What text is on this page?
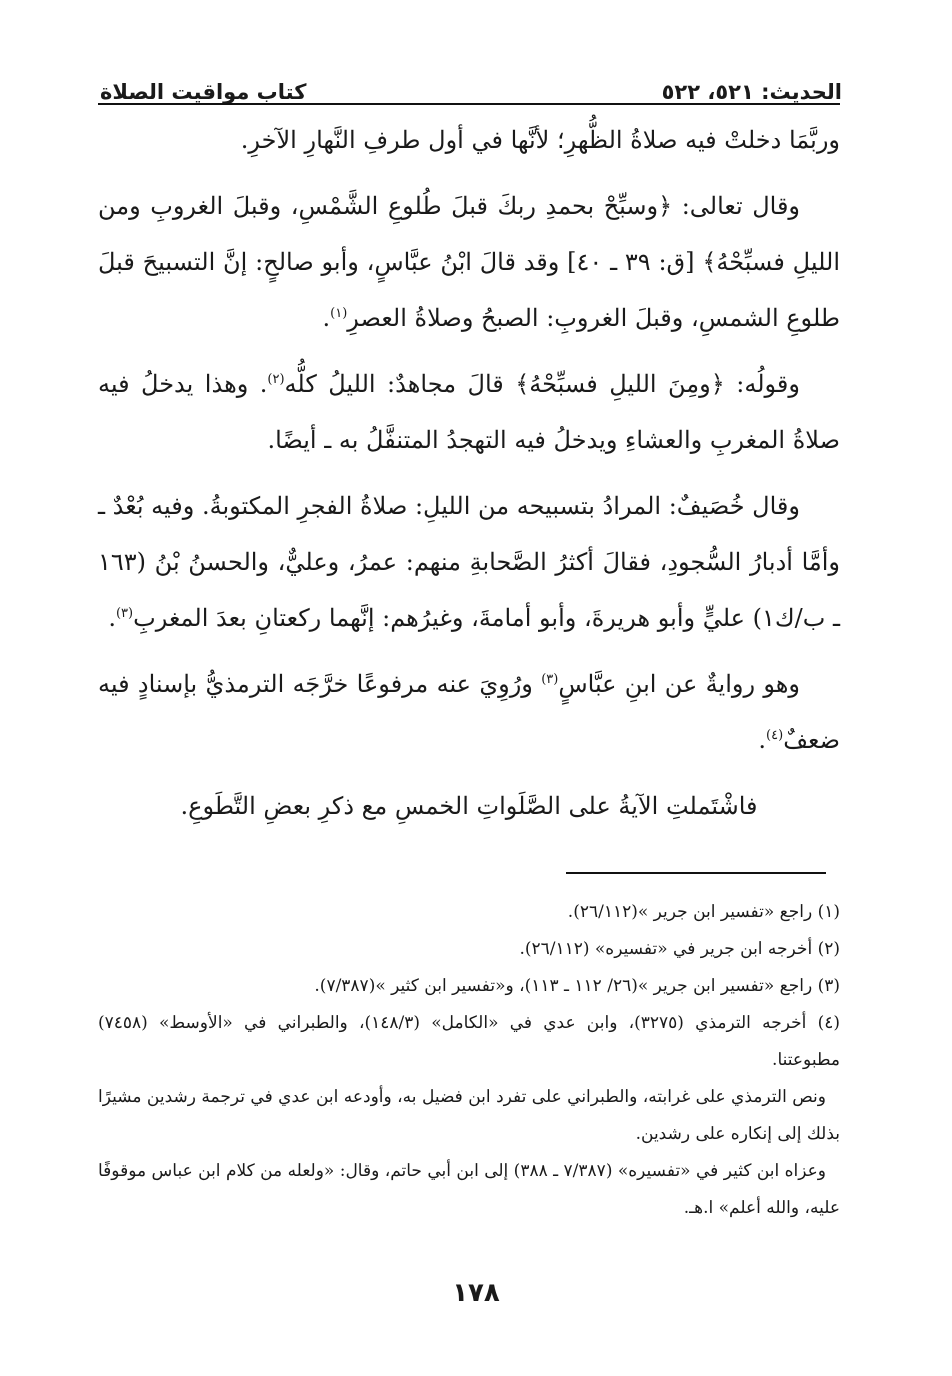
الحديث: ٥٢١، ٥٢٢
كتاب مواقيت الصلاة

وربَّمَا دخلتْ فيه صلاةُ الظُّهرِ؛ لأنَّها في أول طرفِ النَّهارِ الآخرِ.

وقال تعالى: ﴿وسبِّحْ بحمدِ ربكَ قبلَ طُلوعِ الشَّمْسِ، وقبلَ الغروبِ ومن الليلِ فسبِّحْهُ﴾ [ق: ٣٩ ـ ٤٠] وقد قالَ ابْنُ عبَّاسٍ، وأبو صالحٍ: إنَّ التسبيحَ قبلَ طلوعِ الشمسِ، وقبلَ الغروبِ: الصبحُ وصلاةُ العصرِ$^{(١)}$.

وقولُه: ﴿ومِنَ الليلِ فسبِّحْهُ﴾ قالَ مجاهدٌ: الليلُ كلُّه$^{(٢)}$. وهذا يدخلُ فيه صلاةُ المغربِ والعشاءِ ويدخلُ فيه التهجدُ المتنفَّلُ به ـ أيضًا.

وقال خُصَيفٌ: المرادُ بتسبيحه من الليلِ: صلاةُ الفجرِ المكتوبةُ. وفيه بُعْدٌ ـ وأمَّا أدبارُ السُّجودِ، فقالَ أكثرُ الصَّحابةِ منهم: عمرُ، وعليٌّ، والحسنُ بْنُ (١٦٣ ـ ب/ك١) عليٍّ وأبو هريرةَ، وأبو أمامةَ، وغيرُهم: إنَّهما ركعتانِ بعدَ المغربِ$^{(٣)}$.

وهو روايةٌ عن ابنِ عبَّاسٍ$^{(٣)}$ ورُوِيَ عنه مرفوعًا خرَّجَه الترمذيُّ بإسنادٍ فيه ضعفٌ$^{(٤)}$.

فاشْتَملتِ الآيةُ على الصَّلَواتِ الخمسِ مع ذكرِ بعضِ التَّطَوعِ.

(١) راجع «تفسير ابن جرير »(٢٦/١١٢).

(٢) أخرجه ابن جرير في «تفسيره» (٢٦/١١٢).

(٣) راجع «تفسير ابن جرير »(٢٦/ ١١٢ ـ ١١٣)، و«تفسير ابن كثير »(٧/٣٨٧).

(٤) أخرجه الترمذي (٣٢٧٥)، وابن عدي في «الكامل» (١٤٨/٣)، والطبراني في «الأوسط» (٧٤٥٨) مطبوعتنا.

ونص الترمذي على غرابته، والطبراني على تفرد ابن فضيل به، وأودعه ابن عدي في ترجمة رشدين مشيرًا بذلك إلى إنكاره على رشدين.

وعزاه ابن كثير في «تفسيره» (٧/٣٨٧ ـ ٣٨٨) إلى ابن أبي حاتم، وقال: «ولعله من كلام ابن عباس موقوفًا عليه، والله أعلم» ا.هـ.

١٧٨
